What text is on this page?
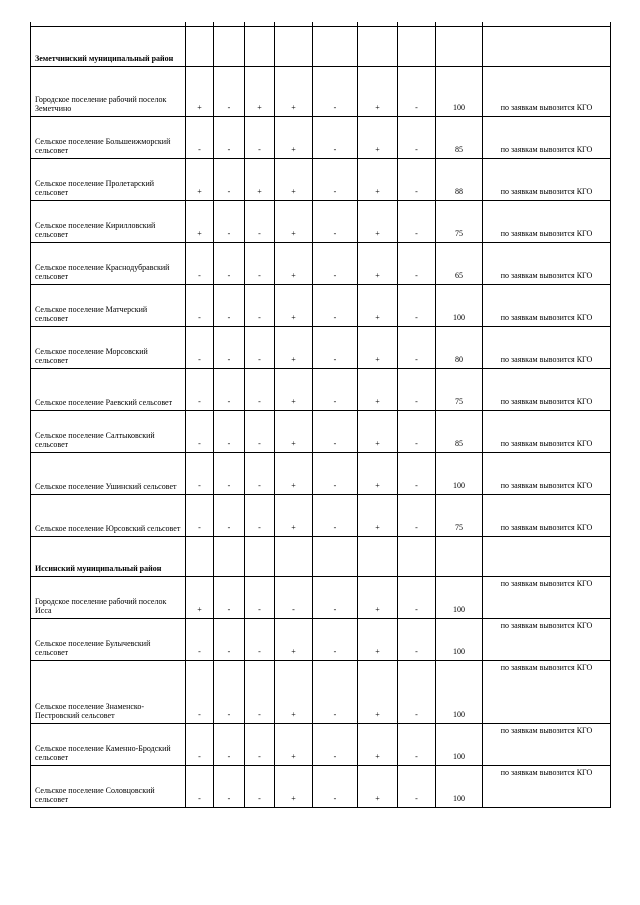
Земетчинский муниципальный район									
Городское поселение рабочий поселок Земетчино	+	-	+	+	-	+	-	100	по заявкам вывозится КГО
Сельское поселение Большеижморский сельсовет	-	-	-	+	-	+	-	85	по заявкам вывозится КГО
Сельское поселение Пролетарский сельсовет	+	-	+	+	-	+	-	88	по заявкам вывозится КГО
Сельское поселение Кирилловский сельсовет	+	-	-	+	-	+	-	75	по заявкам вывозится КГО
Сельское поселение Краснодубравский сельсовет	-	-	-	+	-	+	-	65	по заявкам вывозится КГО
Сельское поселение Матчерский сельсовет	-	-	-	+	-	+	-	100	по заявкам вывозится КГО
Сельское поселение Морсовский сельсовет	-	-	-	+	-	+	-	80	по заявкам вывозится КГО
Сельское поселение Раевский сельсовет	-	-	-	+	-	+	-	75	по заявкам вывозится КГО
Сельское поселение Салтыковский сельсовет	-	-	-	+	-	+	-	85	по заявкам вывозится КГО
Сельское поселение Ушинский сельсовет	-	-	-	+	-	+	-	100	по заявкам вывозится КГО
Сельское поселение Юрсовский сельсовет	-	-	-	+	-	+	-	75	по заявкам вывозится КГО
Иссинский муниципальный район									
Городское поселение рабочий поселок Исса	+	-	-	-	-	+	-	100	по заявкам вывозится КГО
Сельское поселение Булычевский сельсовет	-	-	-	+	-	+	-	100	по заявкам вывозится КГО
Сельское поселение Знаменско-Пестровский сельсовет	-	-	-	+	-	+	-	100	по заявкам вывозится КГО
Сельское поселение Каменно-Бродский сельсовет	-	-	-	+	-	+	-	100	по заявкам вывозится КГО
Сельское поселение Соловцовский сельсовет	-	-	-	+	-	+	-	100	по заявкам вывозится КГО
